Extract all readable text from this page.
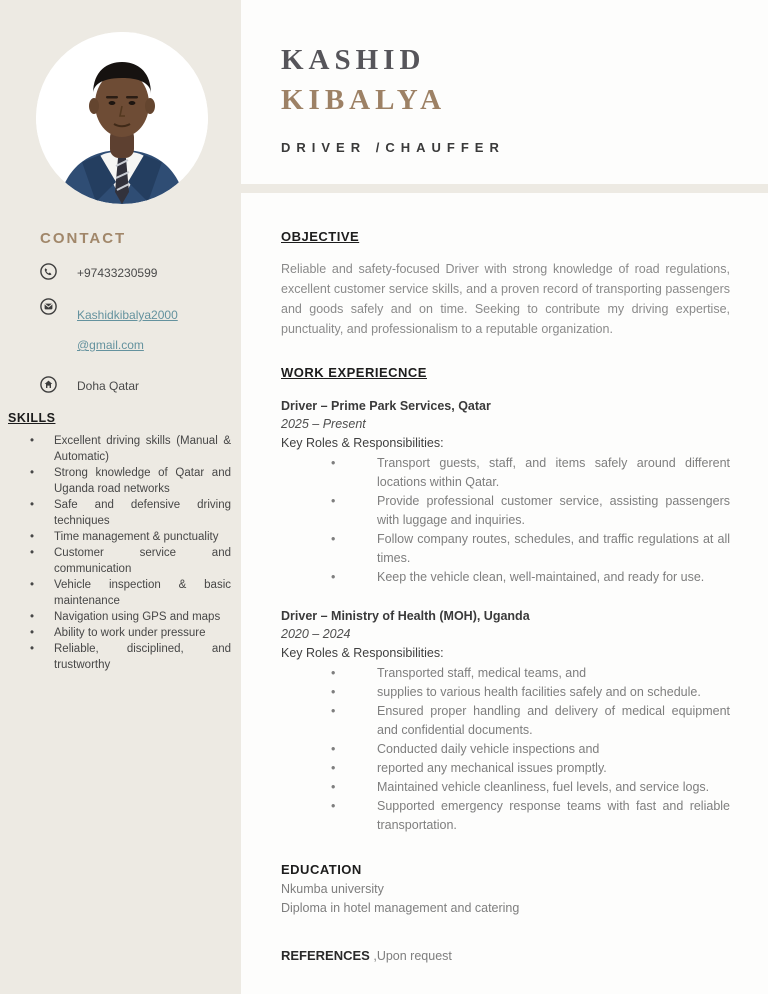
CONTACT
+97433230599
Kashidkibalya2000
@gmail.com
Doha Qatar
SKILLS
•	Excellent driving skills (Manual & Automatic)
•	Strong knowledge of Qatar and Uganda road networks
•	Safe and defensive driving techniques
•	Time management & punctuality
•	Customer service and communication
•	Vehicle inspection & basic maintenance
•	Navigation using GPS and maps
•	Ability to work under pressure
•	Reliable, disciplined, and trustworthy
KASHID
KIBALYA
DRIVER /CHAUFFER
OBJECTIVE

Reliable and safety-focused Driver with strong knowledge of road regulations, excellent customer service skills, and a proven record of transporting passengers and goods safely and on time. Seeking to contribute my driving expertise, punctuality, and professionalism to a reputable organization.

WORK EXPERIECNCE
Driver – Prime Park Services, Qatar
2025 – Present
Key Roles & Responsibilities:
•	Transport guests, staff, and items safely around different locations within Qatar.
•	Provide professional customer service, assisting passengers with luggage and inquiries.
•	Follow company routes, schedules, and traffic regulations at all times.
•	Keep the vehicle clean, well-maintained, and ready for use.
Driver – Ministry of Health (MOH), Uganda
2020 – 2024
Key Roles & Responsibilities:
•	Transported staff, medical teams, and
•	supplies to various health facilities safely and on schedule.
•	Ensured proper handling and delivery of medical equipment and confidential documents.
•	Conducted daily vehicle inspections and
•	reported any mechanical issues promptly.
•	Maintained vehicle cleanliness, fuel levels, and service logs.
•	Supported emergency response teams with fast and reliable transportation.
EDUCATION
Nkumba university
Diploma in hotel management and catering
REFERENCES ,Upon request
